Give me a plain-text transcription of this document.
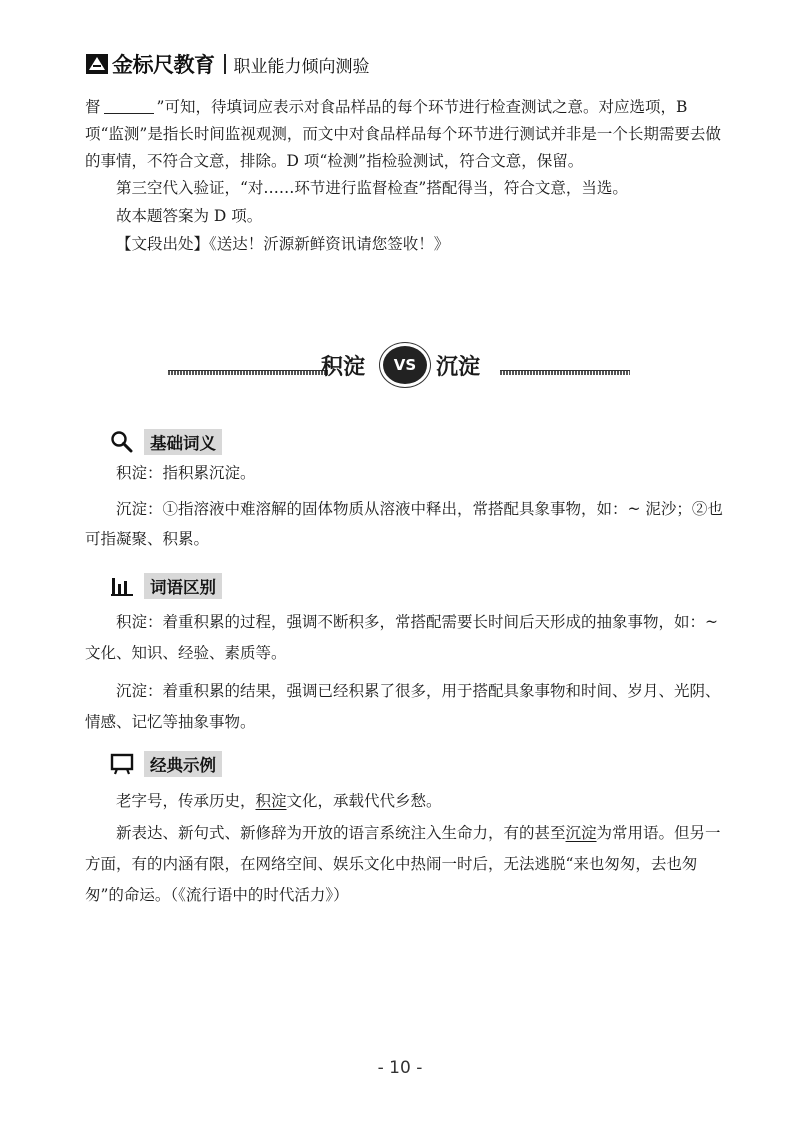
金标尺教育 职业能力倾向测验

督	”可知，待填词应表示对食品样品的每个环节进行检查测试之意。对应选项，B 项“监测”是指长时间监视观测，而文中对食品样品每个环节进行测试并非是一个长期需要去做的事情，不符合文意，排除。D 项“检测”指检验测试，符合文意，保留。

第三空代入验证，“对……环节进行监督检查”搭配得当，符合文意，当选。

故本题答案为 D 项。

【文段出处】《送达！沂源新鲜资讯请您签收！》

积淀	VS 沉淀
基础词义

积淀：指积累沉淀。

沉淀：①指溶液中难溶解的固体物质从溶液中释出，常搭配具象事物，如：~ 泥沙；②也可指凝聚、积累。

词语区别

积淀：着重积累的过程，强调不断积多，常搭配需要长时间后天形成的抽象事物，如：~ 文化、知识、经验、素质等。

沉淀：着重积累的结果，强调已经积累了很多，用于搭配具象事物和时间、岁月、光阴、情感、记忆等抽象事物。

经典示例

老字号，传承历史，积淀文化，承载代代乡愁。

新表达、新句式、新修辞为开放的语言系统注入生命力，有的甚至沉淀为常用语。但另一方面，有的内涵有限，在网络空间、娱乐文化中热闹一时后，无法逃脱“来也匆匆，去也匆匆”的命运。（《流行语中的时代活力》）

- 10 -
